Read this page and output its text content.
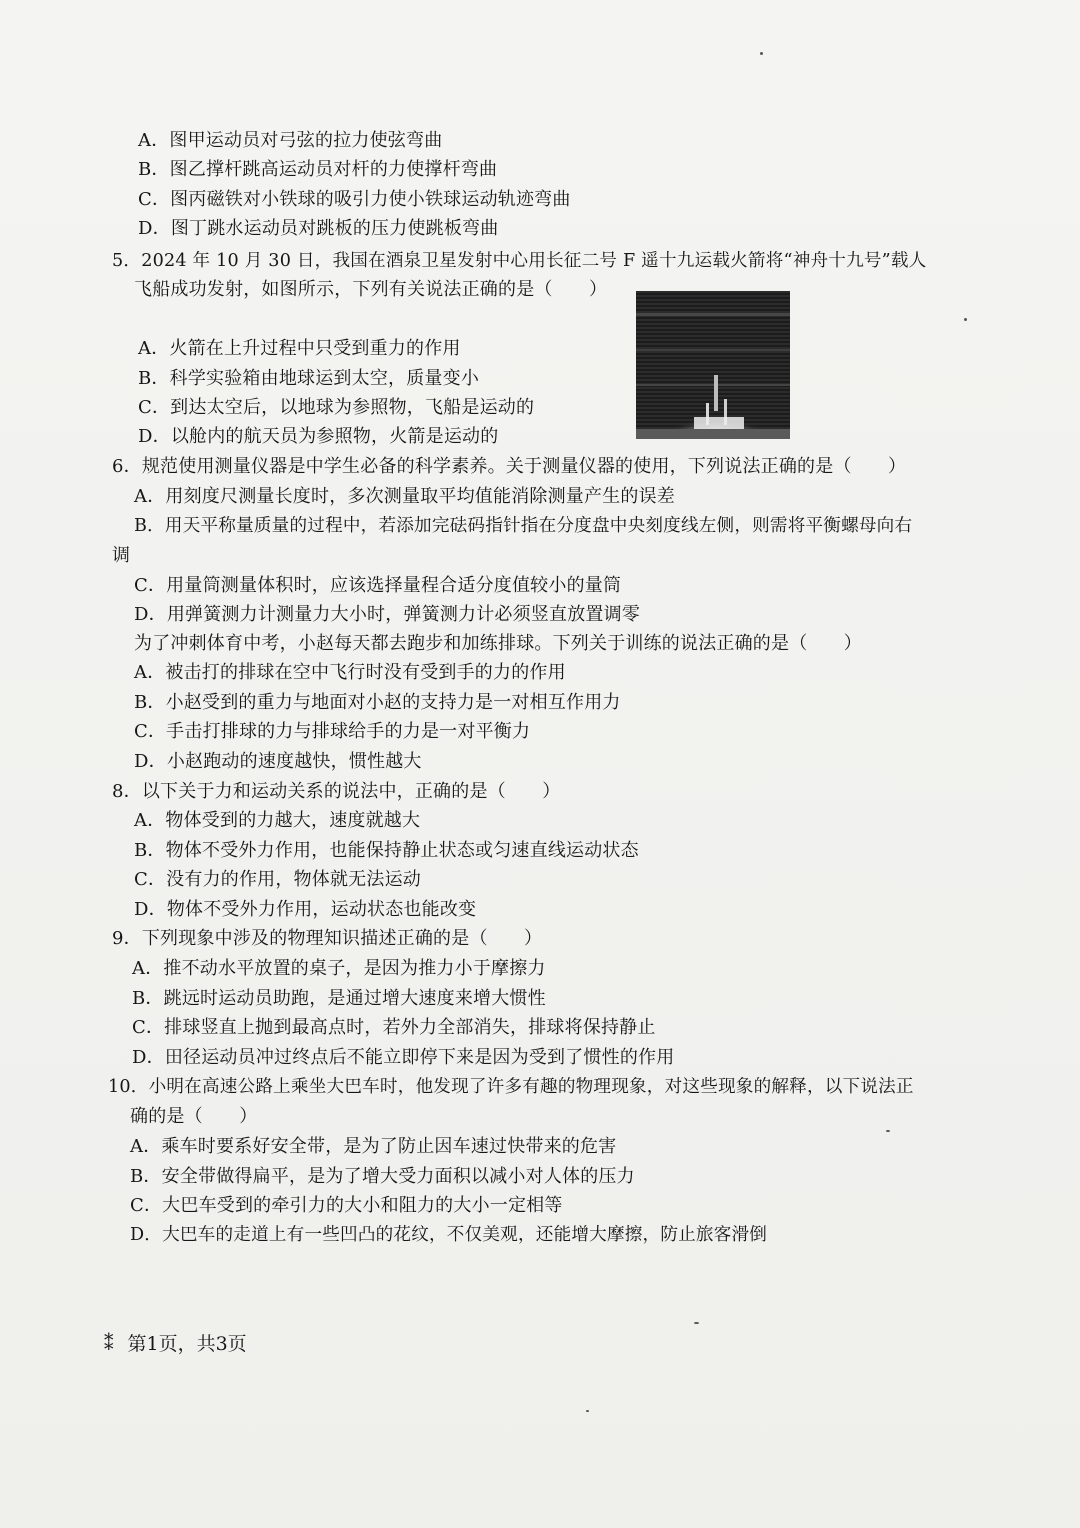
A．图甲运动员对弓弦的拉力使弦弯曲
B．图乙撑杆跳高运动员对杆的力使撑杆弯曲
C．图丙磁铁对小铁球的吸引力使小铁球运动轨迹弯曲
D．图丁跳水运动员对跳板的压力使跳板弯曲
5．2024 年 10 月 30 日，我国在酒泉卫星发射中心用长征二号 F 遥十九运载火箭将“神舟十九号”载人
飞船成功发射，如图所示，下列有关说法正确的是（　　）
A．火箭在上升过程中只受到重力的作用
B．科学实验箱由地球运到太空，质量变小
C．到达太空后，以地球为参照物，飞船是运动的
D．以舱内的航天员为参照物，火箭是运动的
6．规范使用测量仪器是中学生必备的科学素养。关于测量仪器的使用，下列说法正确的是（　　）
A．用刻度尺测量长度时，多次测量取平均值能消除测量产生的误差
B．用天平称量质量的过程中，若添加完砝码指针指在分度盘中央刻度线左侧，则需将平衡螺母向右
调
C．用量筒测量体积时，应该选择量程合适分度值较小的量筒
D．用弹簧测力计测量力大小时，弹簧测力计必须竖直放置调零
为了冲刺体育中考，小赵每天都去跑步和加练排球。下列关于训练的说法正确的是（　　）
A．被击打的排球在空中飞行时没有受到手的力的作用
B．小赵受到的重力与地面对小赵的支持力是一对相互作用力
C．手击打排球的力与排球给手的力是一对平衡力
D．小赵跑动的速度越快，惯性越大
8．以下关于力和运动关系的说法中，正确的是（　　）
A．物体受到的力越大，速度就越大
B．物体不受外力作用，也能保持静止状态或匀速直线运动状态
C．没有力的作用，物体就无法运动
D．物体不受外力作用，运动状态也能改变
9．下列现象中涉及的物理知识描述正确的是（　　）
A．推不动水平放置的桌子，是因为推力小于摩擦力
B．跳远时运动员助跑，是通过增大速度来增大惯性
C．排球竖直上抛到最高点时，若外力全部消失，排球将保持静止
D．田径运动员冲过终点后不能立即停下来是因为受到了惯性的作用
10．小明在高速公路上乘坐大巴车时，他发现了许多有趣的物理现象，对这些现象的解释，以下说法正
确的是（　　）
A．乘车时要系好安全带，是为了防止因车速过快带来的危害
B．安全带做得扁平，是为了增大受力面积以减小对人体的压力
C．大巴车受到的牵引力的大小和阻力的大小一定相等
D．大巴车的走道上有一些凹凸的花纹，不仅美观，还能增大摩擦，防止旅客滑倒
⁑ 第1页，共3页
